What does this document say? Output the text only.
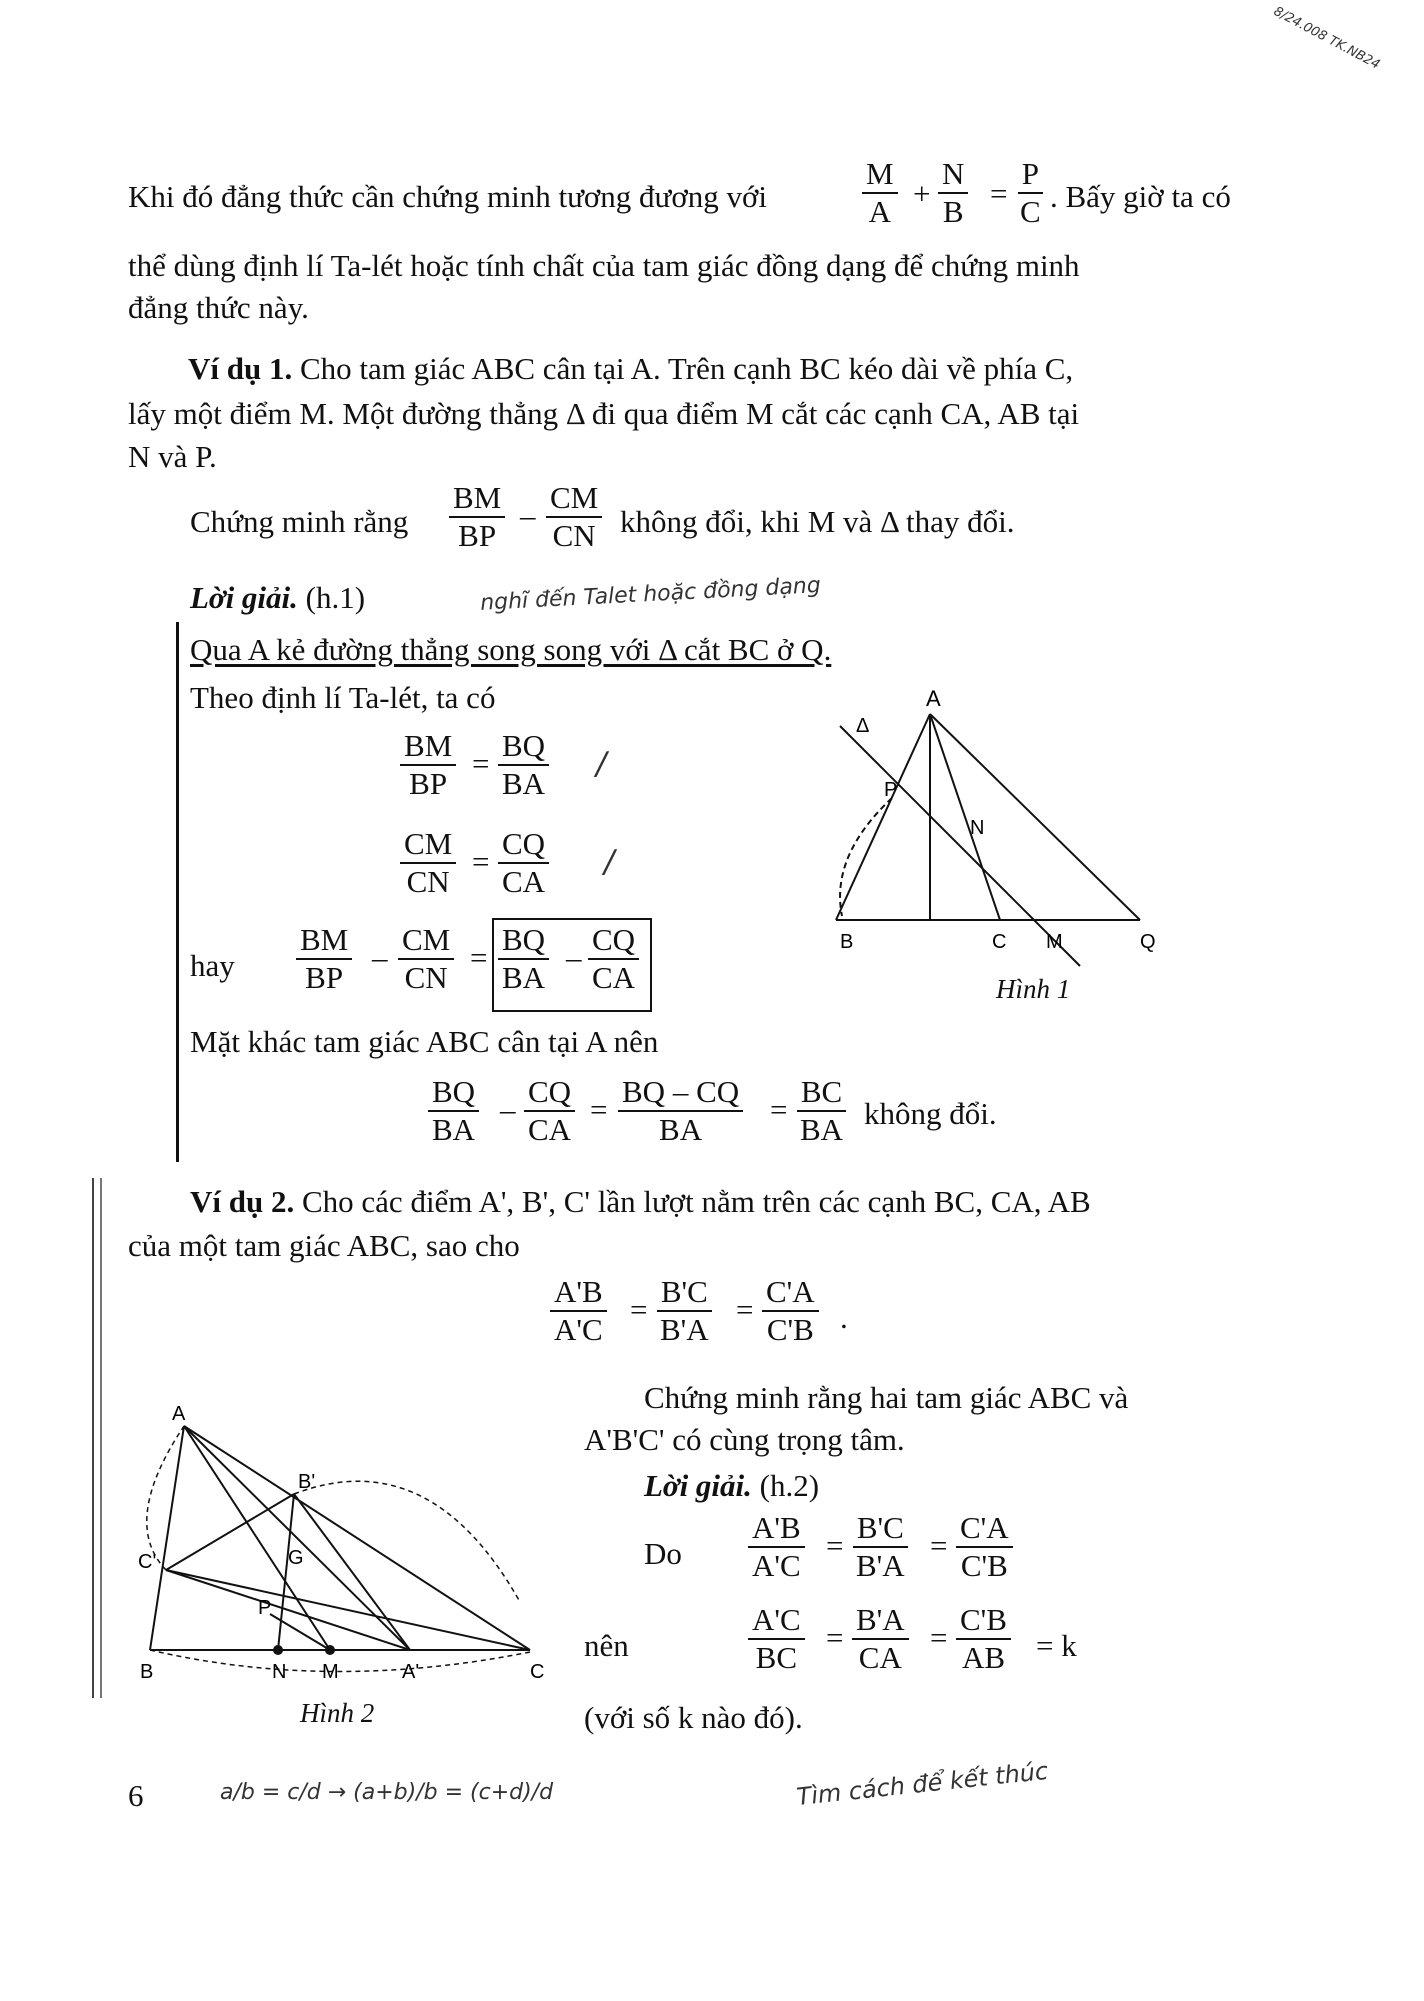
8/24.008 TK.NB24
Khi đó đẳng thức cần chứng minh tương đương với	$\frac{M}{A} + \frac{N}{B} = \frac{P}{C}$ . Bấy giờ ta có
thể dùng định lí Ta-lét hoặc tính chất của tam giác đồng dạng để chứng minh
đẳng thức này.
Ví dụ 1. Cho tam giác ABC cân tại A. Trên cạnh BC kéo dài về phía C,
lấy một điểm M. Một đường thẳng Δ đi qua điểm M cắt các cạnh CA, AB tại
N và P.
Chứng minh rằng $\frac{BM}{BP} - \frac{CM}{CN}$ không đổi, khi M và Δ thay đổi.
Lời giải. (h.1)	nghĩ đến Talet hoặc đồng dạng
Qua A kẻ đường thẳng song song với Δ cắt BC ở Q.
Theo định lí Ta-lét, ta có
$\frac{BM}{BP} = \frac{BQ}{BA}$ /
$\frac{CM}{CN} = \frac{CQ}{CA}$ /
hay $\frac{BM}{BP} - \frac{CM}{CN} = \frac{BQ}{BA} - \frac{CQ}{CA}$
Mặt khác tam giác ABC cân tại A nên
$\frac{BQ}{BA} - \frac{CQ}{CA} = \frac{BQ - CQ}{BA} = \frac{BC}{BA}$ không đổi.
A
Δ
P
N
B	C M	Q
Hình 1
Ví dụ 2. Cho các điểm A', B', C' lần lượt nằm trên các cạnh BC, CA, AB
của một tam giác ABC, sao cho
$\frac{A'B}{A'C} = \frac{B'C}{B'A} = \frac{C'A}{C'B}$ .
Chứng minh rằng hai tam giác ABC và
A'B'C' có cùng trọng tâm.
Lời giải. (h.2)
Do $\frac{A'B}{A'C} = \frac{B'C}{B'A} = \frac{C'A}{C'B}$
nên	$\frac{A'C}{BC} = \frac{B'A}{CA} = \frac{C'B}{AB} = k$
(với số k nào đó).
A
B'
C'	G
P
B	N M	A'	C
Hình 2
6	a/b = c/d → (a+b)/b = (c+d)/d	Tìm cách để kết thúc
